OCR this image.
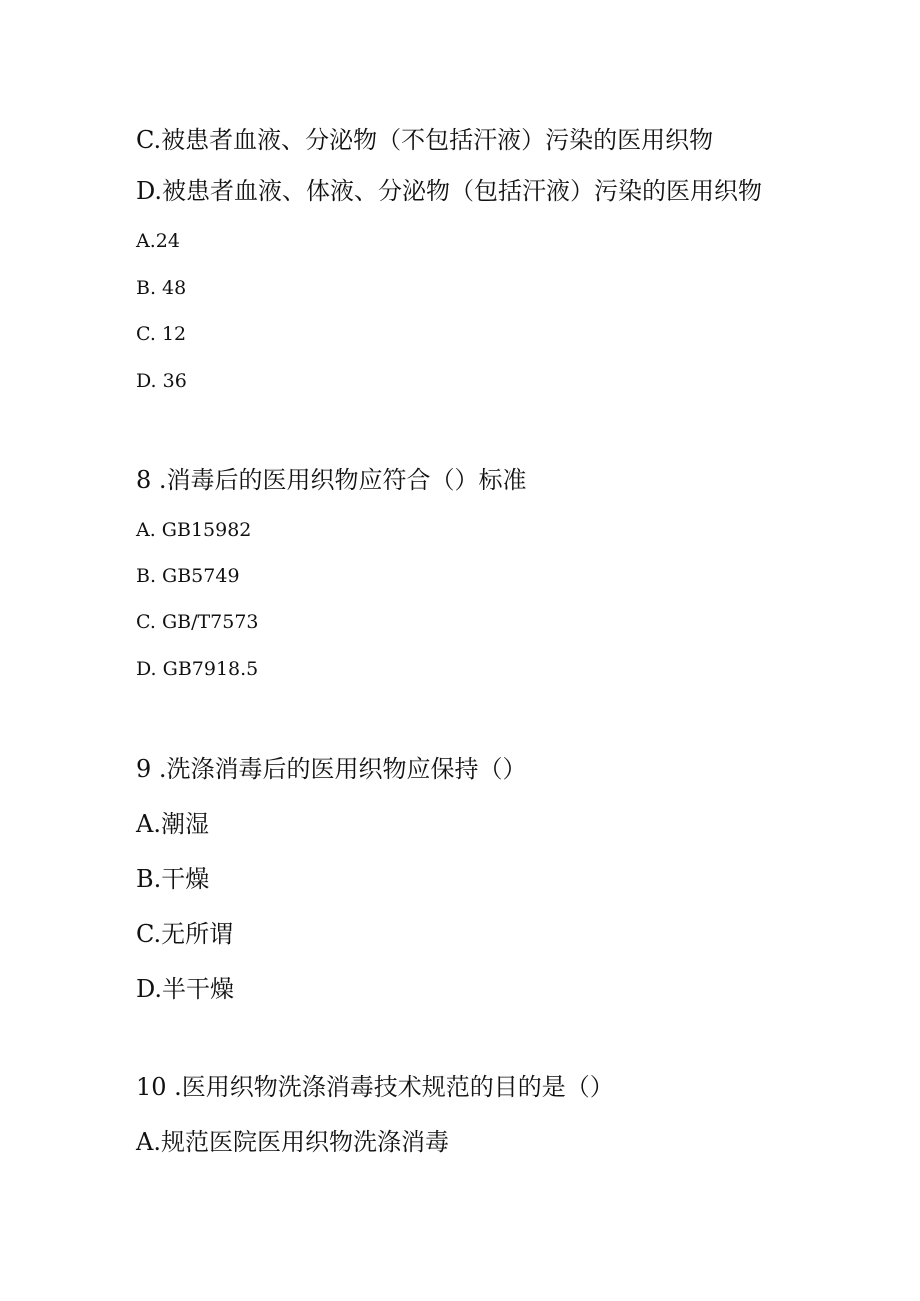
C.被患者血液、分泌物（不包括汗液）污染的医用织物
D.被患者血液、体液、分泌物（包括汗液）污染的医用织物
A.24
B. 48
C. 12
D. 36
8 .消毒后的医用织物应符合（）标准
A. GB15982
B. GB5749
C. GB/T7573
D. GB7918.5
9 .洗涤消毒后的医用织物应保持（）
A.潮湿
B.干燥
C.无所谓
D.半干燥
10 .医用织物洗涤消毒技术规范的目的是（）
A.规范医院医用织物洗涤消毒
